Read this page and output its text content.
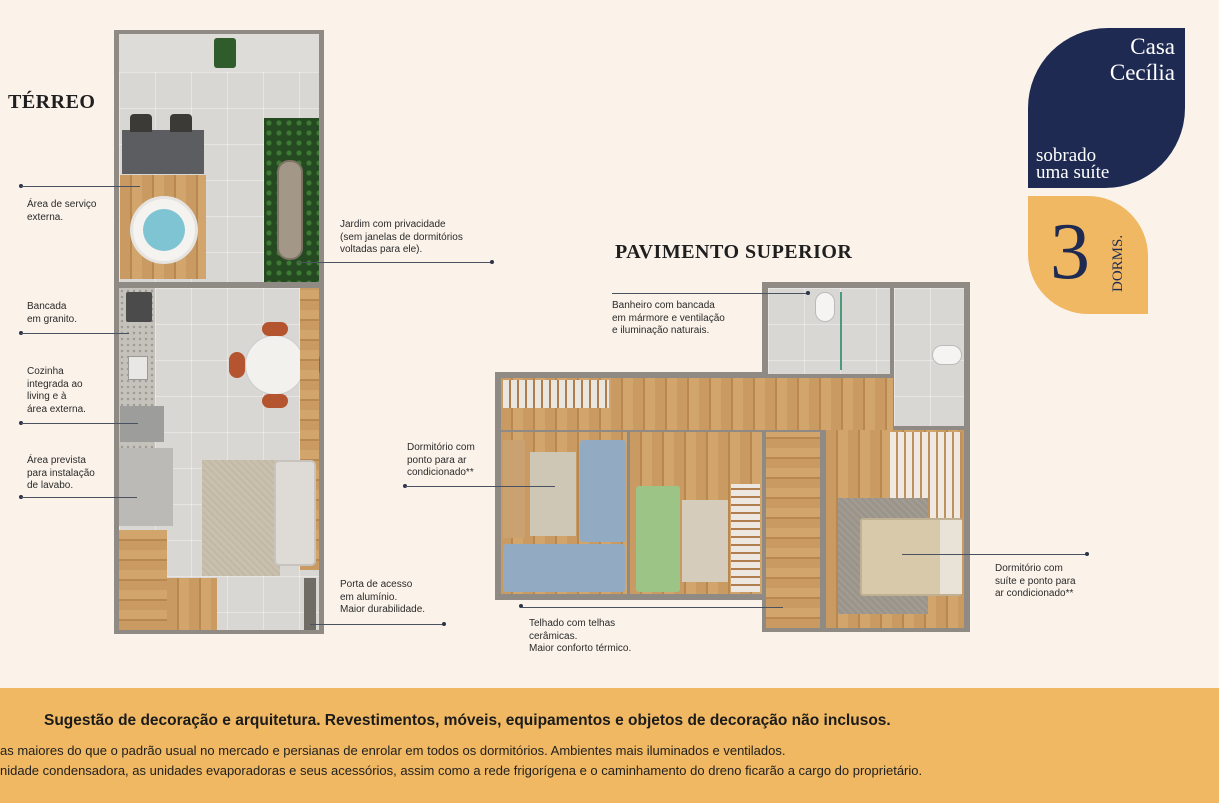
TÉRREO
PAVIMENTO SUPERIOR
Área de serviço
externa.
Jardim com privacidade
(sem janelas de dormitórios
voltadas para ele).
Bancada
em granito.
Cozinha
integrada ao
living e à
área externa.
Área prevista
para instalação
de lavabo.
Porta de acesso
em alumínio.
Maior durabilidade.
Banheiro com bancada
em mármore e ventilação
e iluminação naturais.
Dormitório com
ponto para ar
condicionado**
Dormitório com
suíte e ponto para
ar condicionado**
Telhado com telhas
cerâmicas.
Maior conforto térmico.
Casa
Cecília
sobrado
uma suíte
3 DORMS.
Sugestão de decoração e arquitetura. Revestimentos, móveis, equipamentos e objetos de decoração não inclusos.
as maiores do que o padrão usual no mercado e persianas de enrolar em todos os dormitórios. Ambientes mais iluminados e ventilados.
nidade condensadora, as unidades evaporadoras e seus acessórios, assim como a rede frigorígena e o caminhamento do dreno ficarão a cargo do proprietário.
